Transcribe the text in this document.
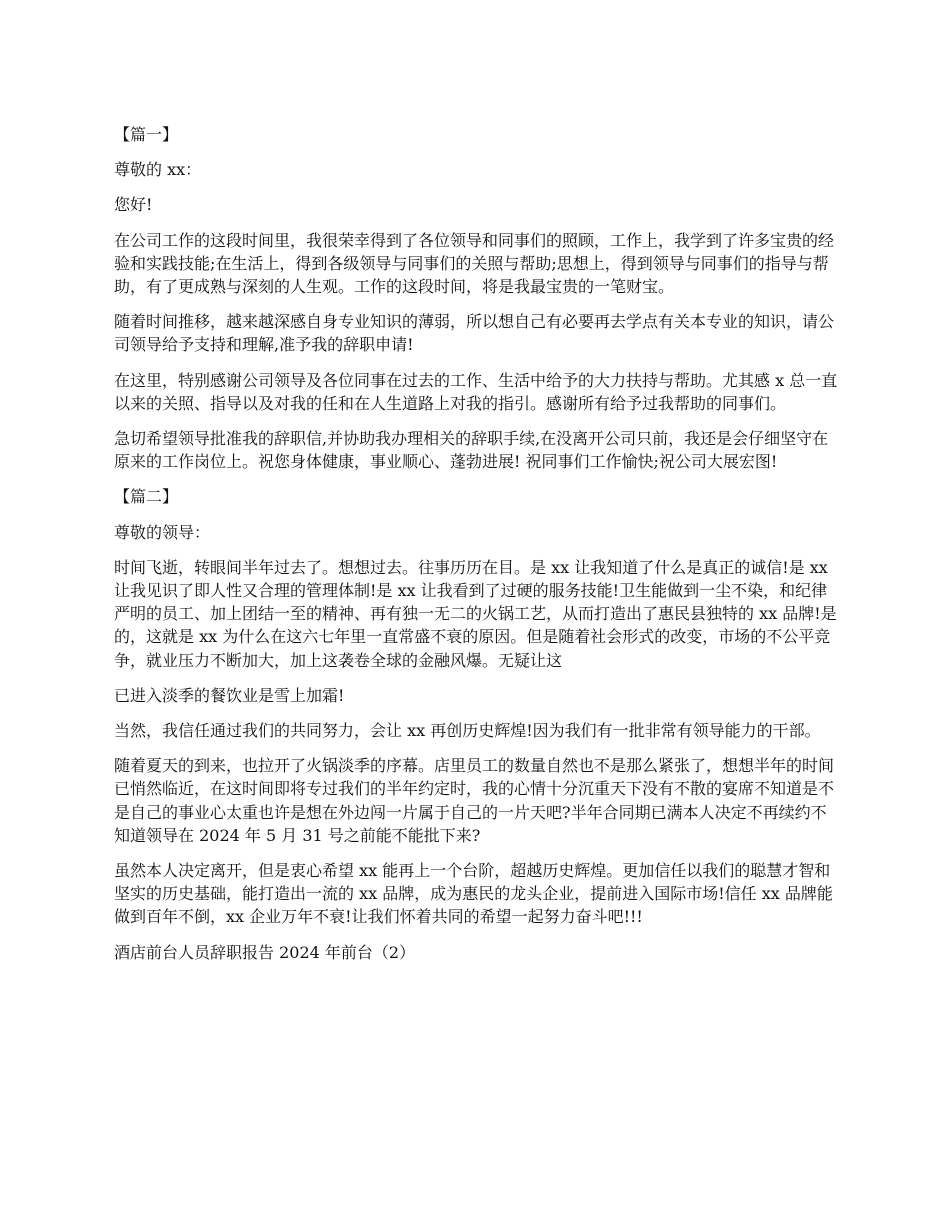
【篇一】
尊敬的 xx：
您好!
在公司工作的这段时间里，我很荣幸得到了各位领导和同事们的照顾，工作上，我学到了许多宝贵的经验和实践技能;在生活上，得到各级领导与同事们的关照与帮助;思想上，得到领导与同事们的指导与帮助，有了更成熟与深刻的人生观。工作的这段时间，将是我最宝贵的一笔财宝。
随着时间推移，越来越深感自身专业知识的薄弱，所以想自己有必要再去学点有关本专业的知识，请公司领导给予支持和理解,准予我的辞职申请!
在这里，特别感谢公司领导及各位同事在过去的工作、生活中给予的大力扶持与帮助。尤其感 x 总一直以来的关照、指导以及对我的任和在人生道路上对我的指引。感谢所有给予过我帮助的同事们。
急切希望领导批准我的辞职信,并协助我办理相关的辞职手续,在没离开公司只前，我还是会仔细坚守在原来的工作岗位上。祝您身体健康，事业顺心、蓬勃进展! 祝同事们工作愉快;祝公司大展宏图!
【篇二】
尊敬的领导：
时间飞逝，转眼间半年过去了。想想过去。往事历历在目。是 xx 让我知道了什么是真正的诚信!是 xx 让我见识了即人性又合理的管理体制!是 xx 让我看到了过硬的服务技能!卫生能做到一尘不染，和纪律严明的员工、加上团结一至的精神、再有独一无二的火锅工艺，从而打造出了惠民县独特的 xx 品牌!是的，这就是 xx 为什么在这六七年里一直常盛不衰的原因。但是随着社会形式的改变，市场的不公平竞争，就业压力不断加大，加上这袭卷全球的金融风爆。无疑让这
已进入淡季的餐饮业是雪上加霜!
当然，我信任通过我们的共同努力，会让 xx 再创历史辉煌!因为我们有一批非常有领导能力的干部。
随着夏天的到来，也拉开了火锅淡季的序幕。店里员工的数量自然也不是那么紧张了，想想半年的时间已悄然临近，在这时间即将专过我们的半年约定时，我的心情十分沉重天下没有不散的宴席不知道是不是自己的事业心太重也许是想在外边闯一片属于自己的一片天吧?半年合同期已满本人决定不再续约不知道领导在 2024 年 5 月 31 号之前能不能批下来?
虽然本人决定离开，但是衷心希望 xx 能再上一个台阶，超越历史辉煌。更加信任以我们的聪慧才智和坚实的历史基础，能打造出一流的 xx 品牌，成为惠民的龙头企业，提前进入国际市场!信任 xx 品牌能做到百年不倒，xx 企业万年不衰!让我们怀着共同的希望一起努力奋斗吧!!!
酒店前台人员辞职报告 2024 年前台（2）
